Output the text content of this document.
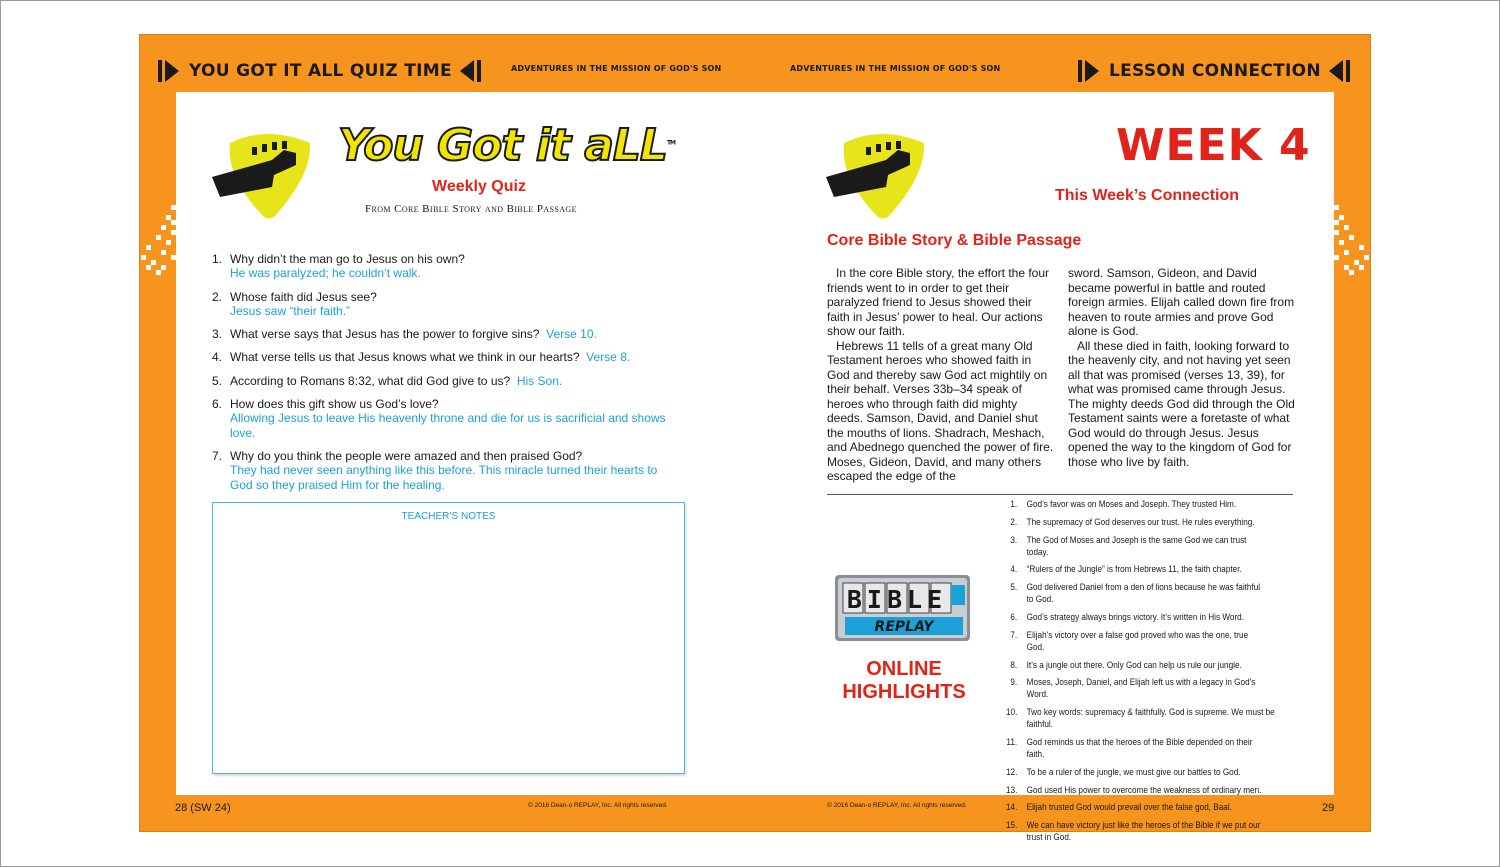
YOU GOT IT ALL QUIZ TIME	ADVENTURES IN THE MISSION OF GOD'S SON	ADVENTURES IN THE MISSION OF GOD'S SON	LESSON CONNECTION
You Got it aLL™
Weekly Quiz
From Core Bible Story and Bible Passage
1. Why didn’t the man go to Jesus on his own?
He was paralyzed; he couldn’t walk.
2. Whose faith did Jesus see?
Jesus saw “their faith.”
3. What verse says that Jesus has the power to forgive sins? Verse 10.
4. What verse tells us that Jesus knows what we think in our hearts? Verse 8.
5. According to Romans 8:32, what did God give to us? His Son.
6. How does this gift show us God’s love?
Allowing Jesus to leave His heavenly throne and die for us is sacrificial and shows love.
7. Why do you think the people were amazed and then praised God?
They had never seen anything like this before. This miracle turned their hearts to God so they praised Him for the healing.
TEACHER’S NOTES
WEEK 4
This Week’s Connection
Core Bible Story & Bible Passage

In the core Bible story, the effort the four friends went to in order to get their paralyzed friend to Jesus showed their faith in Jesus’ power to heal. Our actions show our faith.

Hebrews 11 tells of a great many Old Testament heroes who showed faith in God and thereby saw God act mightily on their behalf. Verses 33b–34 speak of heroes who through faith did mighty deeds. Samson, David, and Daniel shut the mouths of lions. Shadrach, Meshach, and Abednego quenched the power of fire. Moses, Gideon, David, and many others escaped the edge of the

sword. Samson, Gideon, and David became powerful in battle and routed foreign armies. Elijah called down fire from heaven to route armies and prove God alone is God.

All these died in faith, looking forward to the heavenly city, and not having yet seen all that was promised (verses 13, 39), for what was promised came through Jesus. The mighty deeds God did through the Old Testament saints were a foretaste of what God would do through Jesus. Jesus opened the way to the kingdom of God for those who live by faith.

BIBLE
REPLAY
ONLINE
HIGHLIGHTS
1. God’s favor was on Moses and Joseph. They trusted Him.
2. The supremacy of God deserves our trust. He rules everything.
3. The God of Moses and Joseph is the same God we can trust today.
4. “Rulers of the Jungle” is from Hebrews 11, the faith chapter.
5. God delivered Daniel from a den of lions because he was faithful to God.
6. God’s strategy always brings victory. It’s written in His Word.
7. Elijah’s victory over a false god proved who was the one, true God.
8. It’s a jungle out there. Only God can help us rule our jungle.
9. Moses, Joseph, Daniel, and Elijah left us with a legacy in God’s Word.
10. Two key words: supremacy & faithfully. God is supreme. We must be faithful.
11. God reminds us that the heroes of the Bible depended on their faith.
12. To be a ruler of the jungle, we must give our battles to God.
13. God used His power to overcome the weakness of ordinary men.
14. Elijah trusted God would prevail over the false god, Baal.
15. We can have victory just like the heroes of the Bible if we put our trust in God.
28 (SW 24)	© 2016 Dean-o REPLAY, Inc. All rights reserved.	© 2016 Dean-o REPLAY, Inc. All rights reserved.	29
